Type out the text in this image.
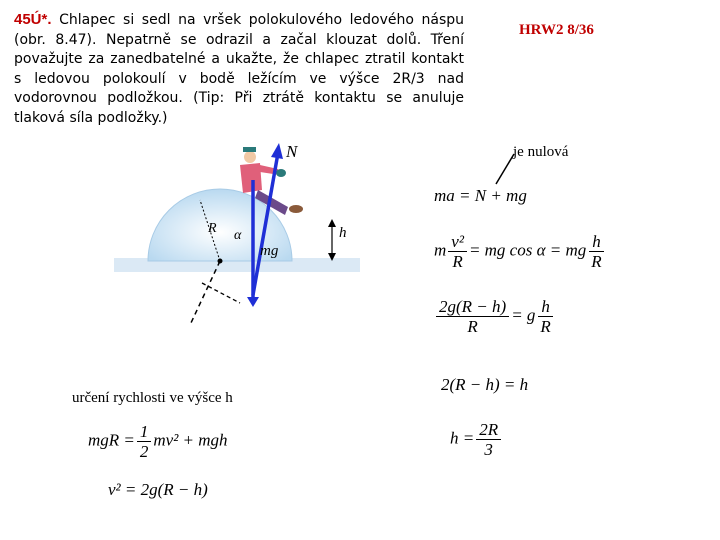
45Ú*. Chlapec si sedl na vršek polokulového ledového náspu (obr. 8.47). Nepatrně se odrazil a začal klouzat dolů. Tření považujte za zanedbatelné a ukažte, že chlapec ztratil kontakt s ledovou polokoulí v bodě ležícím ve výšce 2R/3 nad vodorovnou podložkou. (Tip: Při ztrátě kontaktu se anuluje tlaková síla podložky.)
HRW2 8/36
je nulová
N
R α
mg
h
ma = N + mg
m $\frac{\text{v²}}{R}$ = mg cos α = mg $\frac{h}{R}$
$\frac{2g(R - h)}{R} = g \frac{h}{R}$
2(R − h) = h
$h = \frac{2R}{3}$
určení rychlosti ve výšce h
mgR = $\frac{1}{2} mv^2$ + mgh
v² = 2g(R − h)
